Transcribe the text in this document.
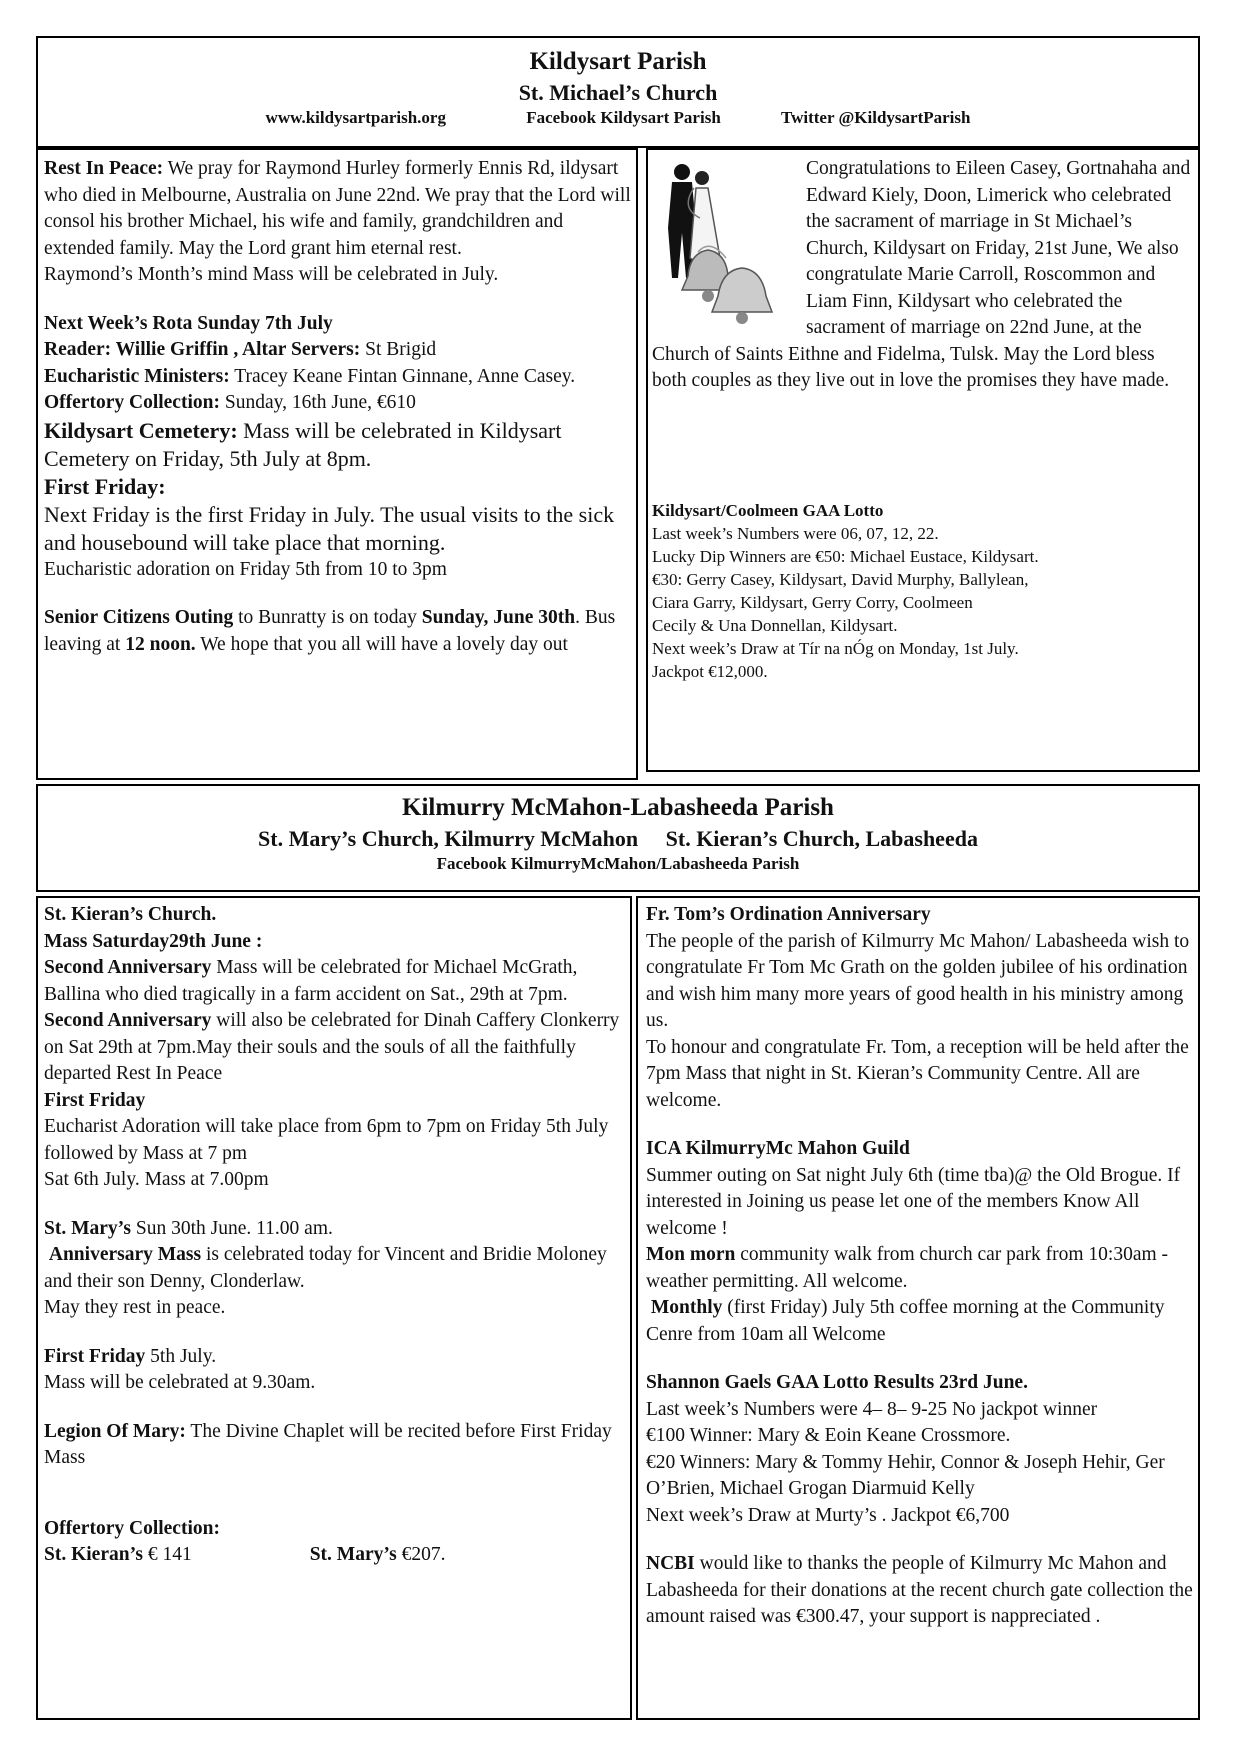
Kildysart Parish
St. Michael’s Church
www.kildysartparish.org	Facebook Kildysart Parish	Twitter @KildysartParish

Rest In Peace: We pray for Raymond Hurley formerly Ennis Rd, ildysart who died in Melbourne, Australia on June 22nd. We pray that the Lord will consol his brother Michael, his wife and family, grandchildren and extended family. May the Lord grant him eternal rest.

Raymond’s Month’s mind Mass will be celebrated in July.

Next Week’s Rota Sunday 7th July

Reader: Willie Griffin , Altar Servers: St Brigid

Eucharistic Ministers: Tracey Keane Fintan Ginnane, Anne Casey.

Offertory Collection: Sunday, 16th June, €610

Kildysart Cemetery: Mass will be celebrated in Kildysart Cemetery on Friday, 5th July at 8pm.

First Friday:

Next Friday is the first Friday in July. The usual visits to the sick and housebound will take place that morning.

Eucharistic adoration on Friday 5th from 10 to 3pm

Senior Citizens Outing to Bunratty is on today Sunday, June 30th. Bus leaving at 12 noon. We hope that you all will have a lovely day out

Congratulations to Eileen Casey, Gortnahaha and Edward Kiely, Doon, Limerick who celebrated the sacrament of marriage in St Michael’s Church, Kildysart on Friday, 21st June, We also congratulate Marie Carroll, Roscommon and Liam Finn, Kildysart who celebrated the sacrament of marriage on 22nd June, at the Church of Saints Eithne and Fidelma, Tulsk. May the Lord bless both couples as they live out in love the promises they have made.

Kildysart/Coolmeen GAA Lotto

Last week’s Numbers were 06, 07, 12, 22.

Lucky Dip Winners are €50: Michael Eustace, Kildysart.

€30: Gerry Casey, Kildysart, David Murphy, Ballylean,

Ciara Garry, Kildysart, Gerry Corry, Coolmeen

Cecily & Una Donnellan, Kildysart.

Next week’s Draw at Tír na nÓg on Monday, 1st July.

Jackpot €12,000.

Kilmurry McMahon-Labasheeda Parish
St. Mary’s Church, Kilmurry McMahon     St. Kieran’s Church, Labasheeda
Facebook KilmurryMcMahon/Labasheeda Parish

St. Kieran’s Church.

Mass Saturday29th June :

Second Anniversary Mass will be celebrated for Michael McGrath, Ballina who died tragically in a farm accident on Sat., 29th at 7pm.

Second Anniversary will also be celebrated for Dinah Caffery Clonkerry on Sat 29th at 7pm.May their souls and the souls of all the faithfully departed Rest In Peace

First Friday

Eucharist Adoration will take place from 6pm to 7pm on Friday 5th July followed by Mass at 7 pm

Sat 6th July. Mass at 7.00pm

St. Mary’s Sun 30th June. 11.00 am.

Anniversary Mass is celebrated today for Vincent and Bridie Moloney and their son Denny, Clonderlaw.

May they rest in peace.

First Friday 5th July.

Mass will be celebrated at 9.30am.

Legion Of Mary: The Divine Chaplet will be recited before First Friday Mass

Offertory Collection:

St. Kieran’s € 141	St. Mary’s €207.

Fr. Tom’s Ordination Anniversary

The people of the parish of Kilmurry Mc Mahon/ Labasheeda wish to congratulate Fr Tom Mc Grath on the golden jubilee of his ordination and wish him many more years of good health in his ministry among us.

To honour and congratulate Fr. Tom, a reception will be held after the 7pm Mass that night in St. Kieran’s Community Centre. All are welcome.

ICA KilmurryMc Mahon Guild

Summer outing on Sat night July 6th (time tba)@ the Old Brogue. If interested in Joining us pease let one of the members Know All welcome !

Mon morn community walk from church car park from 10:30am - weather permitting. All welcome.

Monthly (first Friday) July 5th coffee morning at the Community Cenre from 10am all Welcome

Shannon Gaels GAA Lotto Results 23rd June.

Last week’s Numbers were 4– 8– 9-25 No jackpot winner

€100 Winner: Mary & Eoin Keane Crossmore.

€20 Winners: Mary & Tommy Hehir, Connor & Joseph Hehir, Ger O’Brien, Michael Grogan Diarmuid Kelly

Next week’s Draw at Murty’s . Jackpot €6,700

NCBI would like to thanks the people of Kilmurry Mc Mahon and Labasheeda for their donations at the recent church gate collection the amount raised was €300.47, your support is nappreciated .
